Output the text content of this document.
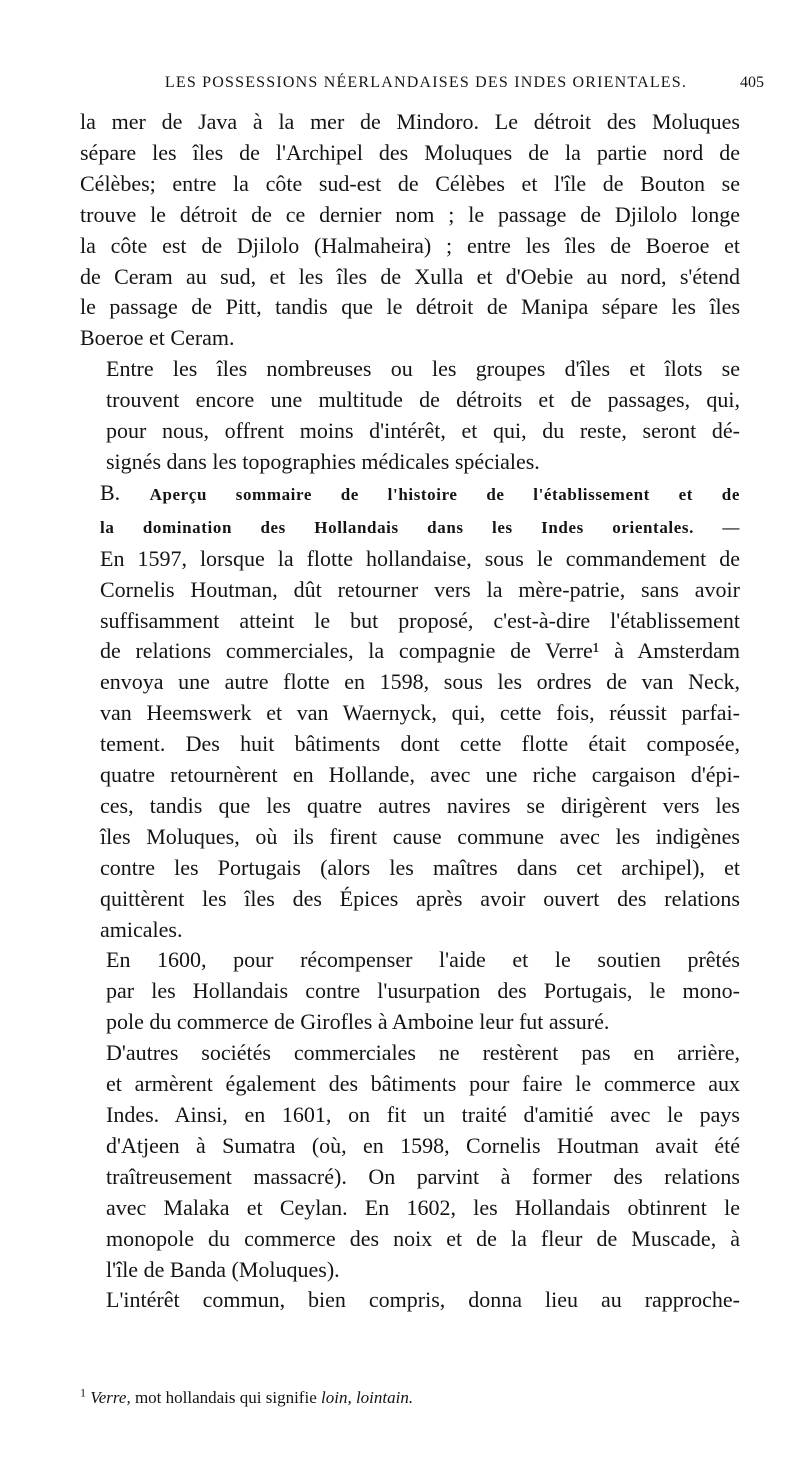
LES POSSESSIONS NÉERLANDAISES DES INDES ORIENTALES.	405

la mer de Java à la mer de Mindoro. Le détroit des Moluques
sépare les îles de l'Archipel des Moluques de la partie nord de
Célèbes; entre la côte sud-est de Célèbes et l'île de Bouton se
trouve le détroit de ce dernier nom ; le passage de Djilolo longe
la côte est de Djilolo (Halmaheira) ; entre les îles de Boeroe et
de Ceram au sud, et les îles de Xulla et d'Oebie au nord, s'étend
le passage de Pitt, tandis que le détroit de Manipa sépare les îles
Boeroe et Ceram.

Entre les îles nombreuses ou les groupes d'îles et îlots se
trouvent encore une multitude de détroits et de passages, qui,
pour nous, offrent moins d'intérêt, et qui, du reste, seront dé-
signés dans les topographies médicales spéciales.

B. Aperçu sommaire de l'histoire de l'établissement et de
la domination des Hollandais dans les Indes orientales. —
En 1597, lorsque la flotte hollandaise, sous le commandement de
Cornelis Houtman, dût retourner vers la mère-patrie, sans avoir
suffisamment atteint le but proposé, c'est-à-dire l'établissement
de relations commerciales, la compagnie de Verre¹ à Amsterdam
envoya une autre flotte en 1598, sous les ordres de van Neck,
van Heemswerk et van Waernyck, qui, cette fois, réussit parfai-
tement. Des huit bâtiments dont cette flotte était composée,
quatre retournèrent en Hollande, avec une riche cargaison d'épi-
ces, tandis que les quatre autres navires se dirigèrent vers les
îles Moluques, où ils firent cause commune avec les indigènes
contre les Portugais (alors les maîtres dans cet archipel), et
quittèrent les îles des Épices après avoir ouvert des relations
amicales.

En 1600, pour récompenser l'aide et le soutien prêtés
par les Hollandais contre l'usurpation des Portugais, le mono-
pole du commerce de Girofles à Amboine leur fut assuré.

D'autres sociétés commerciales ne restèrent pas en arrière,
et armèrent également des bâtiments pour faire le commerce aux
Indes. Ainsi, en 1601, on fit un traité d'amitié avec le pays
d'Atjeen à Sumatra (où, en 1598, Cornelis Houtman avait été
traîtreusement massacré). On parvint à former des relations
avec Malaka et Ceylan. En 1602, les Hollandais obtinrent le
monopole du commerce des noix et de la fleur de Muscade, à
l'île de Banda (Moluques).

L'intérêt commun, bien compris, donna lieu au rapproche-

$^1$ Verre, mot hollandais qui signifie loin, lointain.
